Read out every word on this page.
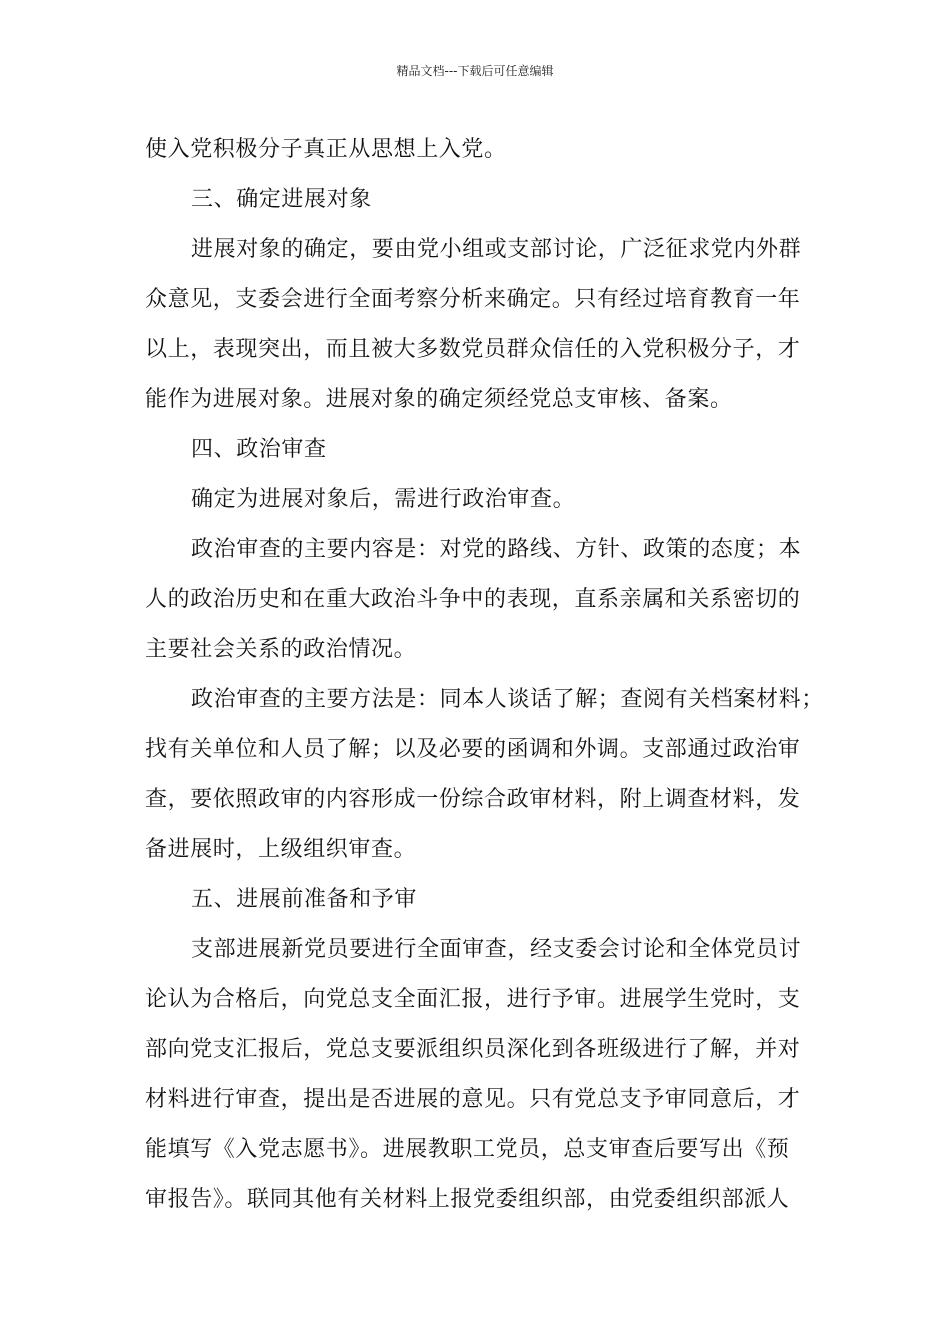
精品文档---下载后可任意编辑

使入党积极分子真正从思想上入党。

三、确定进展对象

进展对象的确定，要由党小组或支部讨论，广泛征求党内外群
众意见，支委会进行全面考察分析来确定。只有经过培育教育一年
以上，表现突出，而且被大多数党员群众信任的入党积极分子，才
能作为进展对象。进展对象的确定须经党总支审核、备案。

四、政治审查

确定为进展对象后，需进行政治审查。

政治审查的主要内容是：对党的路线、方针、政策的态度；本
人的政治历史和在重大政治斗争中的表现，直系亲属和关系密切的
主要社会关系的政治情况。

政治审查的主要方法是：同本人谈话了解；查阅有关档案材料；
找有关单位和人员了解；以及必要的函调和外调。支部通过政治审
查，要依照政审的内容形成一份综合政审材料，附上调查材料，发
备进展时，上级组织审查。

五、进展前准备和予审

支部进展新党员要进行全面审查，经支委会讨论和全体党员讨
论认为合格后，向党总支全面汇报，进行予审。进展学生党时，支
部向党支汇报后，党总支要派组织员深化到各班级进行了解，并对
材料进行审查，提出是否进展的意见。只有党总支予审同意后，才
能填写《入党志愿书》。进展教职工党员，总支审查后要写出《预
审报告》。联同其他有关材料上报党委组织部，由党委组织部派人
